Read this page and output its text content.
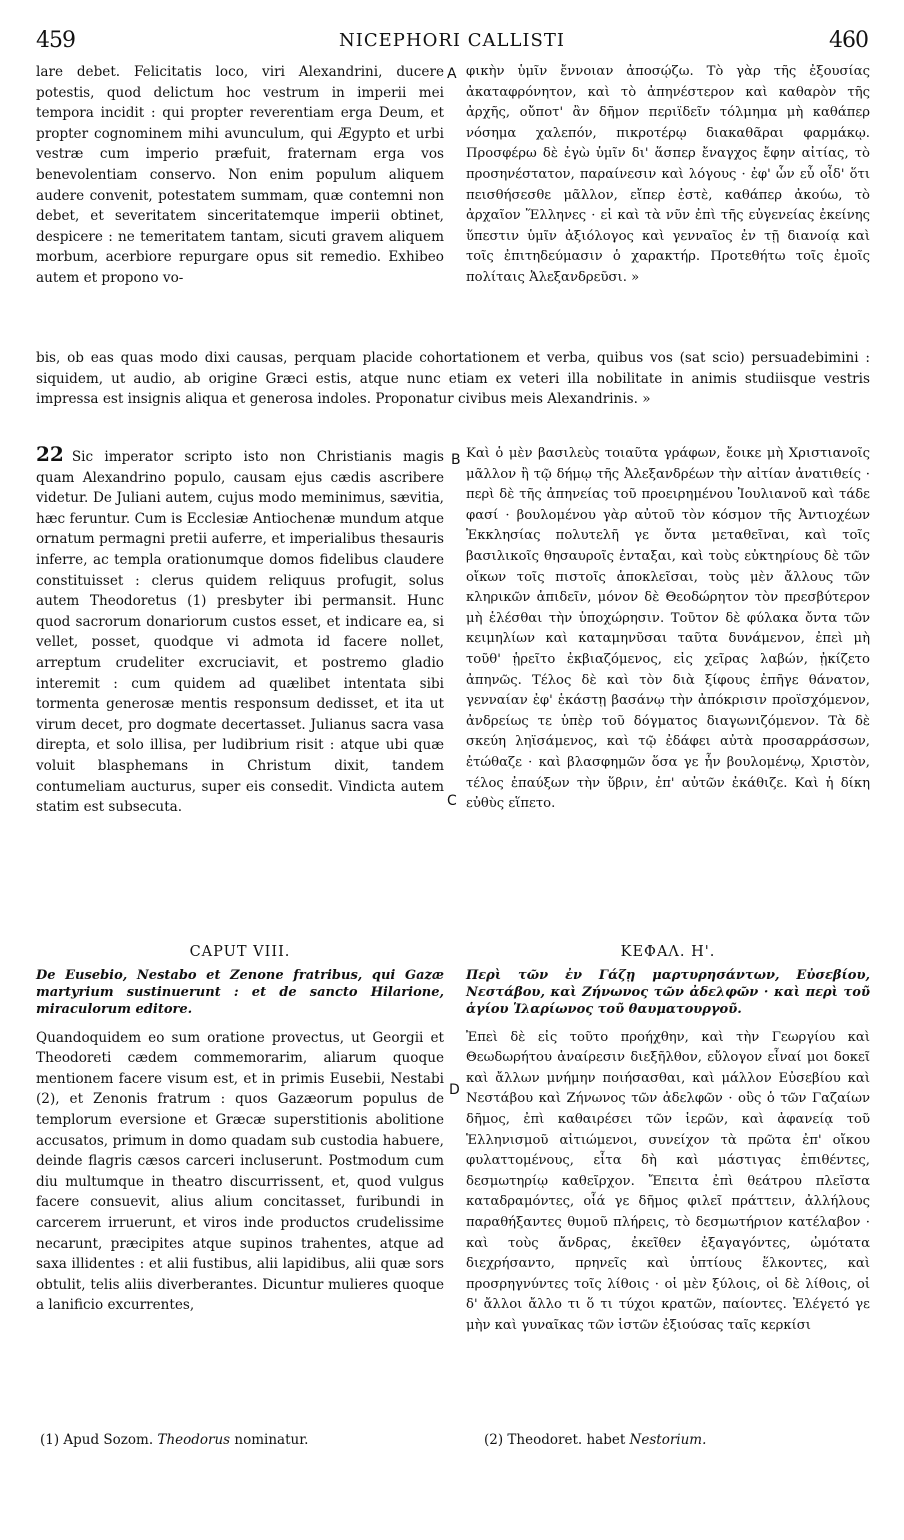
459	NICEPHORI CALLISTI	460

lare debet. Felicitatis loco, viri Alexandrini, ducere potestis, quod delictum hoc vestrum in imperii mei tempora incidit : qui propter reverentiam erga Deum, et propter cognominem mihi avunculum, qui Ægypto et urbi vestræ cum imperio præfuit, fraternam erga vos benevolentiam conservo. Non enim populum aliquem audere convenit, potestatem summam, quæ contemni non debet, et severitatem sinceritatemque imperii obtinet, despicere : ne temeritatem tantam, sicuti gravem aliquem morbum, acerbiore repurgare opus sit remedio. Exhibeo autem et propono vo-

A φικὴν ὑμῖν ἔννοιαν ἀποσῴζω. Τὸ γὰρ τῆς ἐξουσίας ἀκαταφρόνητον, καὶ τὸ ἀπηνέστερον καὶ καθαρὸν τῆς ἀρχῆς, οὔποτ' ἂν δῆμον περιϊδεῖν τόλμημα μὴ καθάπερ νόσημα χαλεπόν, πικροτέρῳ διακαθᾶραι φαρμάκῳ. Προσφέρω δὲ ἐγὼ ὑμῖν δι' ἅσπερ ἔναγχος ἔφην αἰτίας, τὸ προσηνέστατον, παραίνεσιν καὶ λόγους · ἐφ' ὧν εὖ οἶδ' ὅτι πεισθήσεσθε μᾶλλον, εἴπερ ἐστὲ, καθάπερ ἀκούω, τὸ ἀρχαῖον Ἕλληνες · εἰ καὶ τὰ νῦν ἐπὶ τῆς εὐγενείας ἐκείνης ὕπεστιν ὑμῖν ἀξιόλογος καὶ γενναῖος ἐν τῇ διανοίᾳ καὶ τοῖς ἐπιτηδεύμασιν ὁ χαρακτήρ. Προτεθήτω τοῖς ἐμοῖς πολίταις Ἀλεξανδρεῦσι. »

bis, ob eas quas modo dixi causas, perquam placide cohortationem et verba, quibus vos (sat scio) persuadebimini : siquidem, ut audio, ab origine Græci estis, atque nunc etiam ex veteri illa nobilitate in animis studiisque vestris impressa est insignis aliqua et generosa indoles. Proponatur civibus meis Alexandrinis. »

22 Sic imperator scripto isto non Christianis magis quam Alexandrino populo, causam ejus cædis ascribere videtur. De Juliani autem, cujus modo meminimus, sævitia, hæc feruntur. Cum is Ecclesiæ Antiochenæ mundum atque ornatum permagni pretii auferre, et imperialibus thesauris inferre, ac templa orationumque domos fidelibus claudere constituisset : clerus quidem reliquus profugit, solus autem Theodoretus (1) presbyter ibi permansit. Hunc quod sacrorum donariorum custos esset, et indicare ea, si vellet, posset, quodque vi admota id facere nollet, arreptum crudeliter excruciavit, et postremo gladio interemit : cum quidem ad quælibet intentata sibi tormenta generosæ mentis responsum dedisset, et ita ut virum decet, pro dogmate decertasset. Julianus sacra vasa direpta, et solo illisa, per ludibrium risit : atque ubi quæ voluit blasphemans in Christum dixit, tandem contumeliam aucturus, super eis consedit. Vindicta autem statim est subsecuta.

B Καὶ ὁ μὲν βασιλεὺς τοιαῦτα γράφων, ἔοικε μὴ Χριστιανοῖς μᾶλλον ἢ τῷ δήμῳ τῆς Ἀλεξανδρέων τὴν αἰτίαν ἀνατιθείς · περὶ δὲ τῆς ἀπηνείας τοῦ προειρημένου Ἰουλιανοῦ καὶ τάδε φασί · βουλομένου γὰρ αὐτοῦ τὸν κόσμον τῆς Ἀντιοχέων Ἐκκλησίας πολυτελῆ γε ὄντα μεταθεῖναι, καὶ τοῖς βασιλικοῖς θησαυροῖς ἐνταξαι, καὶ τοὺς εὐκτηρίους δὲ τῶν οἴκων τοῖς πιστοῖς ἀποκλεῖσαι, τοὺς μὲν ἄλλους τῶν κληρικῶν ἀπιδεῖν, μόνον δὲ Θεοδώρητον τὸν πρεσβύτερον μὴ ἑλέσθαι τὴν ὑποχώρησιν. Τοῦτον δὲ φύλακα ὄντα τῶν κειμηλίων καὶ καταμηνῦσαι ταῦτα δυνάμενον, ἐπεὶ μὴ τοῦθ' ᾑρεῖτο ἐκβιαζόμενος, εἰς χεῖρας λαβών, ᾐκίζετο ἀπηνῶς. Τέλος δὲ καὶ τὸν διὰ ξίφους ἐπῆγε θάνατον, γενναίαν ἐφ' ἑκάστῃ βασάνῳ τὴν ἀπόκρισιν προϊσχόμενον, ἀνδρείως τε ὑπὲρ τοῦ δόγματος διαγωνιζόμενον. Τὰ δὲ σκεύη ληϊσάμενος, καὶ τῷ ἐδάφει αὐτὰ προσαρράσσων, ἐτώθαζε · καὶ βλασφημῶν ὅσα γε ἦν βουλομένῳ, Χριστὸν, τέλος ἐπαύξων τὴν ὕβριν, ἐπ' αὐτῶν ἐκάθιζε. Καὶ ἡ δίκη εὐθὺς εἵπετο.

C
CAPUT VIII.
De Eusebio, Nestabo et Zenone fratribus, qui Gazæ martyrium sustinuerunt : et de sancto Hilarione, miraculorum editore.

Quandoquidem eo sum oratione provectus, ut Georgii et Theodoreti cædem commemorarim, aliarum quoque mentionem facere visum est, et in primis Eusebii, Nestabi (2), et Zenonis fratrum : quos Gazæorum populus de templorum eversione et Græcæ superstitionis abolitione accusatos, primum in domo quadam sub custodia habuere, deinde flagris cæsos carceri incluserunt. Postmodum cum diu multumque in theatro discurrissent, et, quod vulgus facere consuevit, alius alium concitasset, furibundi in carcerem irruerunt, et viros inde productos crudelissime necarunt, præcipites atque supinos trahentes, atque ad saxa illidentes : et alii fustibus, alii lapidibus, alii quæ sors obtulit, telis aliis diverberantes. Dicuntur mulieres quoque a lanificio excurrentes,

D
ΚΕΦΑΛ. Η'.
Περὶ τῶν ἐν Γάζῃ μαρτυρησάντων, Εὐσεβίου, Νεστάβου, καὶ Ζήνωνος τῶν ἀδελφῶν · καὶ περὶ τοῦ ἁγίου Ἱλαρίωνος τοῦ θαυματουργοῦ.

Ἐπεὶ δὲ εἰς τοῦτο προήχθην, καὶ τὴν Γεωργίου καὶ Θεωδωρήτου ἀναίρεσιν διεξῆλθον, εὔλογον εἶναί μοι δοκεῖ καὶ ἄλλων μνήμην ποιήσασθαι, καὶ μάλλον Εὐσεβίου καὶ Νεστάβου καὶ Ζήνωνος τῶν ἀδελφῶν · οὓς ὁ τῶν Γαζαίων δῆμος, ἐπὶ καθαιρέσει τῶν ἱερῶν, καὶ ἀφανείᾳ τοῦ Ἑλληνισμοῦ αἰτιώμενοι, συνείχον τὰ πρῶτα ἐπ' οἴκου φυλαττομένους, εἶτα δὴ καὶ μάστιγας ἐπιθέντες, δεσμωτηρίῳ καθεῖρχον. Ἔπειτα ἐπὶ θεάτρου πλεῖστα καταδραμόντες, οἷά γε δῆμος φιλεῖ πράττειν, ἀλλήλους παραθήξαντες θυμοῦ πλήρεις, τὸ δεσμωτήριον κατέλαβον · καὶ τοὺς ἄνδρας, ἐκεῖθεν ἐξαγαγόντες, ὠμότατα διεχρήσαντο, πρηνεῖς καὶ ὑπτίους ἕλκοντες, καὶ προσρηγνύντες τοῖς λίθοις · οἱ μὲν ξύλοις, οἱ δὲ λίθοις, οἱ δ' ἄλλοι ἄλλο τι ὅ τι τύχοι κρατῶν, παίοντες. Ἐλέγετό γε μὴν καὶ γυναῖκας τῶν ἱστῶν ἐξιούσας ταῖς κερκίσι

(1) Apud Sozom. Theodorus nominatur.	(2) Theodoret. habet Nestorium.
